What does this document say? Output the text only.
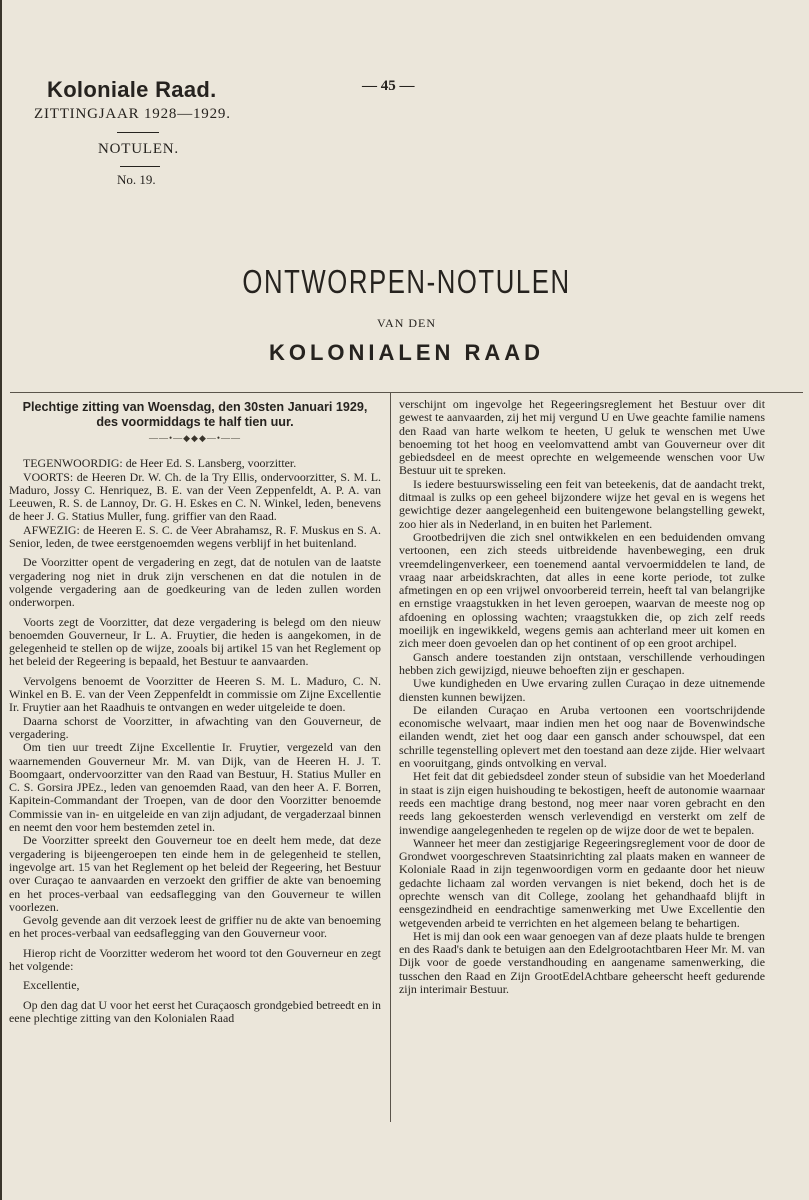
Koloniale Raad.
ZITTINGJAAR 1928—1929.
NOTULEN.
No. 19.
— 45 —
ONTWORPEN-NOTULEN
VAN DEN
KOLONIALEN RAAD
Plechtige zitting van Woensdag, den 30sten Januari 1929,
des voormiddags te half tien uur.
——•—◆◆◆—•——

TEGENWOORDIG: de Heer Ed. S. Lansberg, voorzitter.

VOORTS: de Heeren Dr. W. Ch. de la Try Ellis, ondervoorzitter, S. M. L. Maduro, Jossy C. Henriquez, B. E. van der Veen Zeppenfeldt, A. P. A. van Leeuwen, R. S. de Lannoy, Dr. G. H. Eskes en C. N. Winkel, leden, benevens de heer J. G. Statius Muller, fung. griffier van den Raad.

AFWEZIG: de Heeren E. S. C. de Veer Abrahamsz, R. F. Muskus en S. A. Senior, leden, de twee eerstgenoemden wegens verblijf in het buitenland.

De Voorzitter opent de vergadering en zegt, dat de notulen van de laatste vergadering nog niet in druk zijn verschenen en dat die notulen in de volgende vergadering aan de goedkeuring van de leden zullen worden onderworpen.

Voorts zegt de Voorzitter, dat deze vergadering is belegd om den nieuw benoemden Gouverneur, Ir L. A. Fruytier, die heden is aangekomen, in de gelegenheid te stellen op de wijze, zooals bij artikel 15 van het Reglement op het beleid der Regeering is bepaald, het Bestuur te aanvaarden.

Vervolgens benoemt de Voorzitter de Heeren S. M. L. Maduro, C. N. Winkel en B. E. van der Veen Zeppenfeldt in commissie om Zijne Excellentie Ir. Fruytier aan het Raadhuis te ontvangen en weder uitgeleide te doen.

Daarna schorst de Voorzitter, in afwachting van den Gouverneur, de vergadering.

Om tien uur treedt Zijne Excellentie Ir. Fruytier, vergezeld van den waarnemenden Gouverneur Mr. M. van Dijk, van de Heeren H. J. T. Boomgaart, ondervoorzitter van den Raad van Bestuur, H. Statius Muller en C. S. Gorsira JPEz., leden van genoemden Raad, van den heer A. F. Borren, Kapitein-Commandant der Troepen, van de door den Voorzitter benoemde Commissie van in- en uitgeleide en van zijn adjudant, de vergaderzaal binnen en neemt den voor hem bestemden zetel in.

De Voorzitter spreekt den Gouverneur toe en deelt hem mede, dat deze vergadering is bijeengeroepen ten einde hem in de gelegenheid te stellen, ingevolge art. 15 van het Reglement op het beleid der Regeering, het Bestuur over Curaçao te aanvaarden en verzoekt den griffier de akte van benoeming en het proces-verbaal van eedsaflegging van den Gouverneur te willen voorlezen.

Gevolg gevende aan dit verzoek leest de griffier nu de akte van benoeming en het proces-verbaal van eedsaflegging van den Gouverneur voor.

Hierop richt de Voorzitter wederom het woord tot den Gouverneur en zegt het volgende:

Excellentie,

Op den dag dat U voor het eerst het Curaçaosch grondgebied betreedt en in eene plechtige zitting van den Kolonialen Raad

verschijnt om ingevolge het Regeeringsreglement het Bestuur over dit gewest te aanvaarden, zij het mij vergund U en Uwe geachte familie namens den Raad van harte welkom te heeten, U geluk te wenschen met Uwe benoeming tot het hoog en veelomvattend ambt van Gouverneur over dit gebiedsdeel en de meest oprechte en welgemeende wenschen voor Uw Bestuur uit te spreken.

Is iedere bestuurswisseling een feit van beteekenis, dat de aandacht trekt, ditmaal is zulks op een geheel bijzondere wijze het geval en is wegens het gewichtige dezer aangelegenheid een buitengewone belangstelling gewekt, zoo hier als in Nederland, in en buiten het Parlement.

Grootbedrijven die zich snel ontwikkelen en een beduidenden omvang vertoonen, een zich steeds uitbreidende havenbeweging, een druk vreemdelingenverkeer, een toenemend aantal vervoermiddelen te land, de vraag naar arbeidskrachten, dat alles in eene korte periode, tot zulke afmetingen en op een vrijwel onvoorbereid terrein, heeft tal van belangrijke en ernstige vraagstukken in het leven geroepen, waarvan de meeste nog op afdoening en oplossing wachten; vraagstukken die, op zich zelf reeds moeilijk en ingewikkeld, wegens gemis aan achterland meer uit komen en zich meer doen gevoelen dan op het continent of op een groot archipel.

Gansch andere toestanden zijn ontstaan, verschillende verhoudingen hebben zich gewijzigd, nieuwe behoeften zijn er geschapen.

Uwe kundigheden en Uwe ervaring zullen Curaçao in deze uitnemende diensten kunnen bewijzen.

De eilanden Curaçao en Aruba vertoonen een voortschrijdende economische welvaart, maar indien men het oog naar de Bovenwindsche eilanden wendt, ziet het oog daar een gansch ander schouwspel, dat een schrille tegenstelling oplevert met den toestand aan deze zijde. Hier welvaart en vooruitgang, ginds ontvolking en verval.

Het feit dat dit gebiedsdeel zonder steun of subsidie van het Moederland in staat is zijn eigen huishouding te bekostigen, heeft de autonomie waarnaar reeds een machtige drang bestond, nog meer naar voren gebracht en den reeds lang gekoesterden wensch verlevendigd en versterkt om zelf de inwendige aangelegenheden te regelen op de wijze door de wet te bepalen.

Wanneer het meer dan zestigjarige Regeeringsreglement voor de door de Grondwet voorgeschreven Staatsinrichting zal plaats maken en wanneer de Koloniale Raad in zijn tegenwoordigen vorm en gedaante door het nieuw gedachte lichaam zal worden vervangen is niet bekend, doch het is de oprechte wensch van dit College, zoolang het gehandhaafd blijft in eensgezindheid en eendrachtige samenwerking met Uwe Excellentie den wetgevenden arbeid te verrichten en het algemeen belang te behartigen.

Het is mij dan ook een waar genoegen van af deze plaats hulde te brengen en des Raad's dank te betuigen aan den Edelgrootachtbaren Heer Mr. M. van Dijk voor de goede verstandhouding en aangename samenwerking, die tusschen den Raad en Zijn GrootEdelAchtbare geheerscht heeft gedurende zijn interimair Bestuur.
